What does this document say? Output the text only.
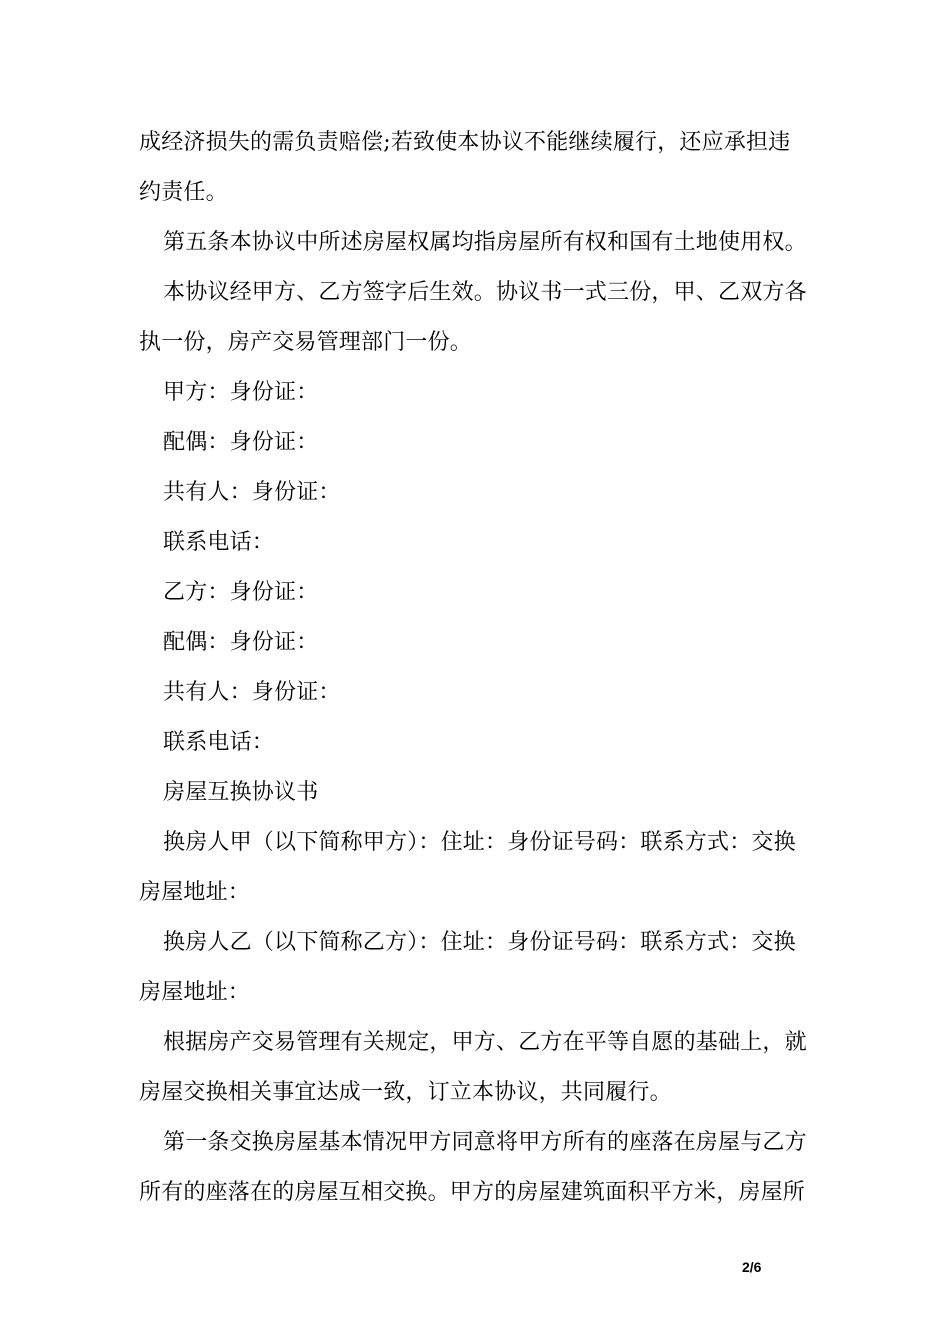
成经济损失的需负责赔偿;若致使本协议不能继续履行，还应承担违

约责任。

第五条本协议中所述房屋权属均指房屋所有权和国有土地使用权。

本协议经甲方、乙方签字后生效。协议书一式三份，甲、乙双方各

执一份，房产交易管理部门一份。

甲方：身份证：

配偶：身份证：

共有人：身份证：

联系电话：

乙方：身份证：

配偶：身份证：

共有人：身份证：

联系电话：

房屋互换协议书

换房人甲（以下简称甲方）：住址：身份证号码：联系方式：交换

房屋地址：

换房人乙（以下简称乙方）：住址：身份证号码：联系方式：交换

房屋地址：

根据房产交易管理有关规定，甲方、乙方在平等自愿的基础上，就

房屋交换相关事宜达成一致，订立本协议，共同履行。

第一条交换房屋基本情况甲方同意将甲方所有的座落在房屋与乙方

所有的座落在的房屋互相交换。甲方的房屋建筑面积平方米，房屋所

2/6
